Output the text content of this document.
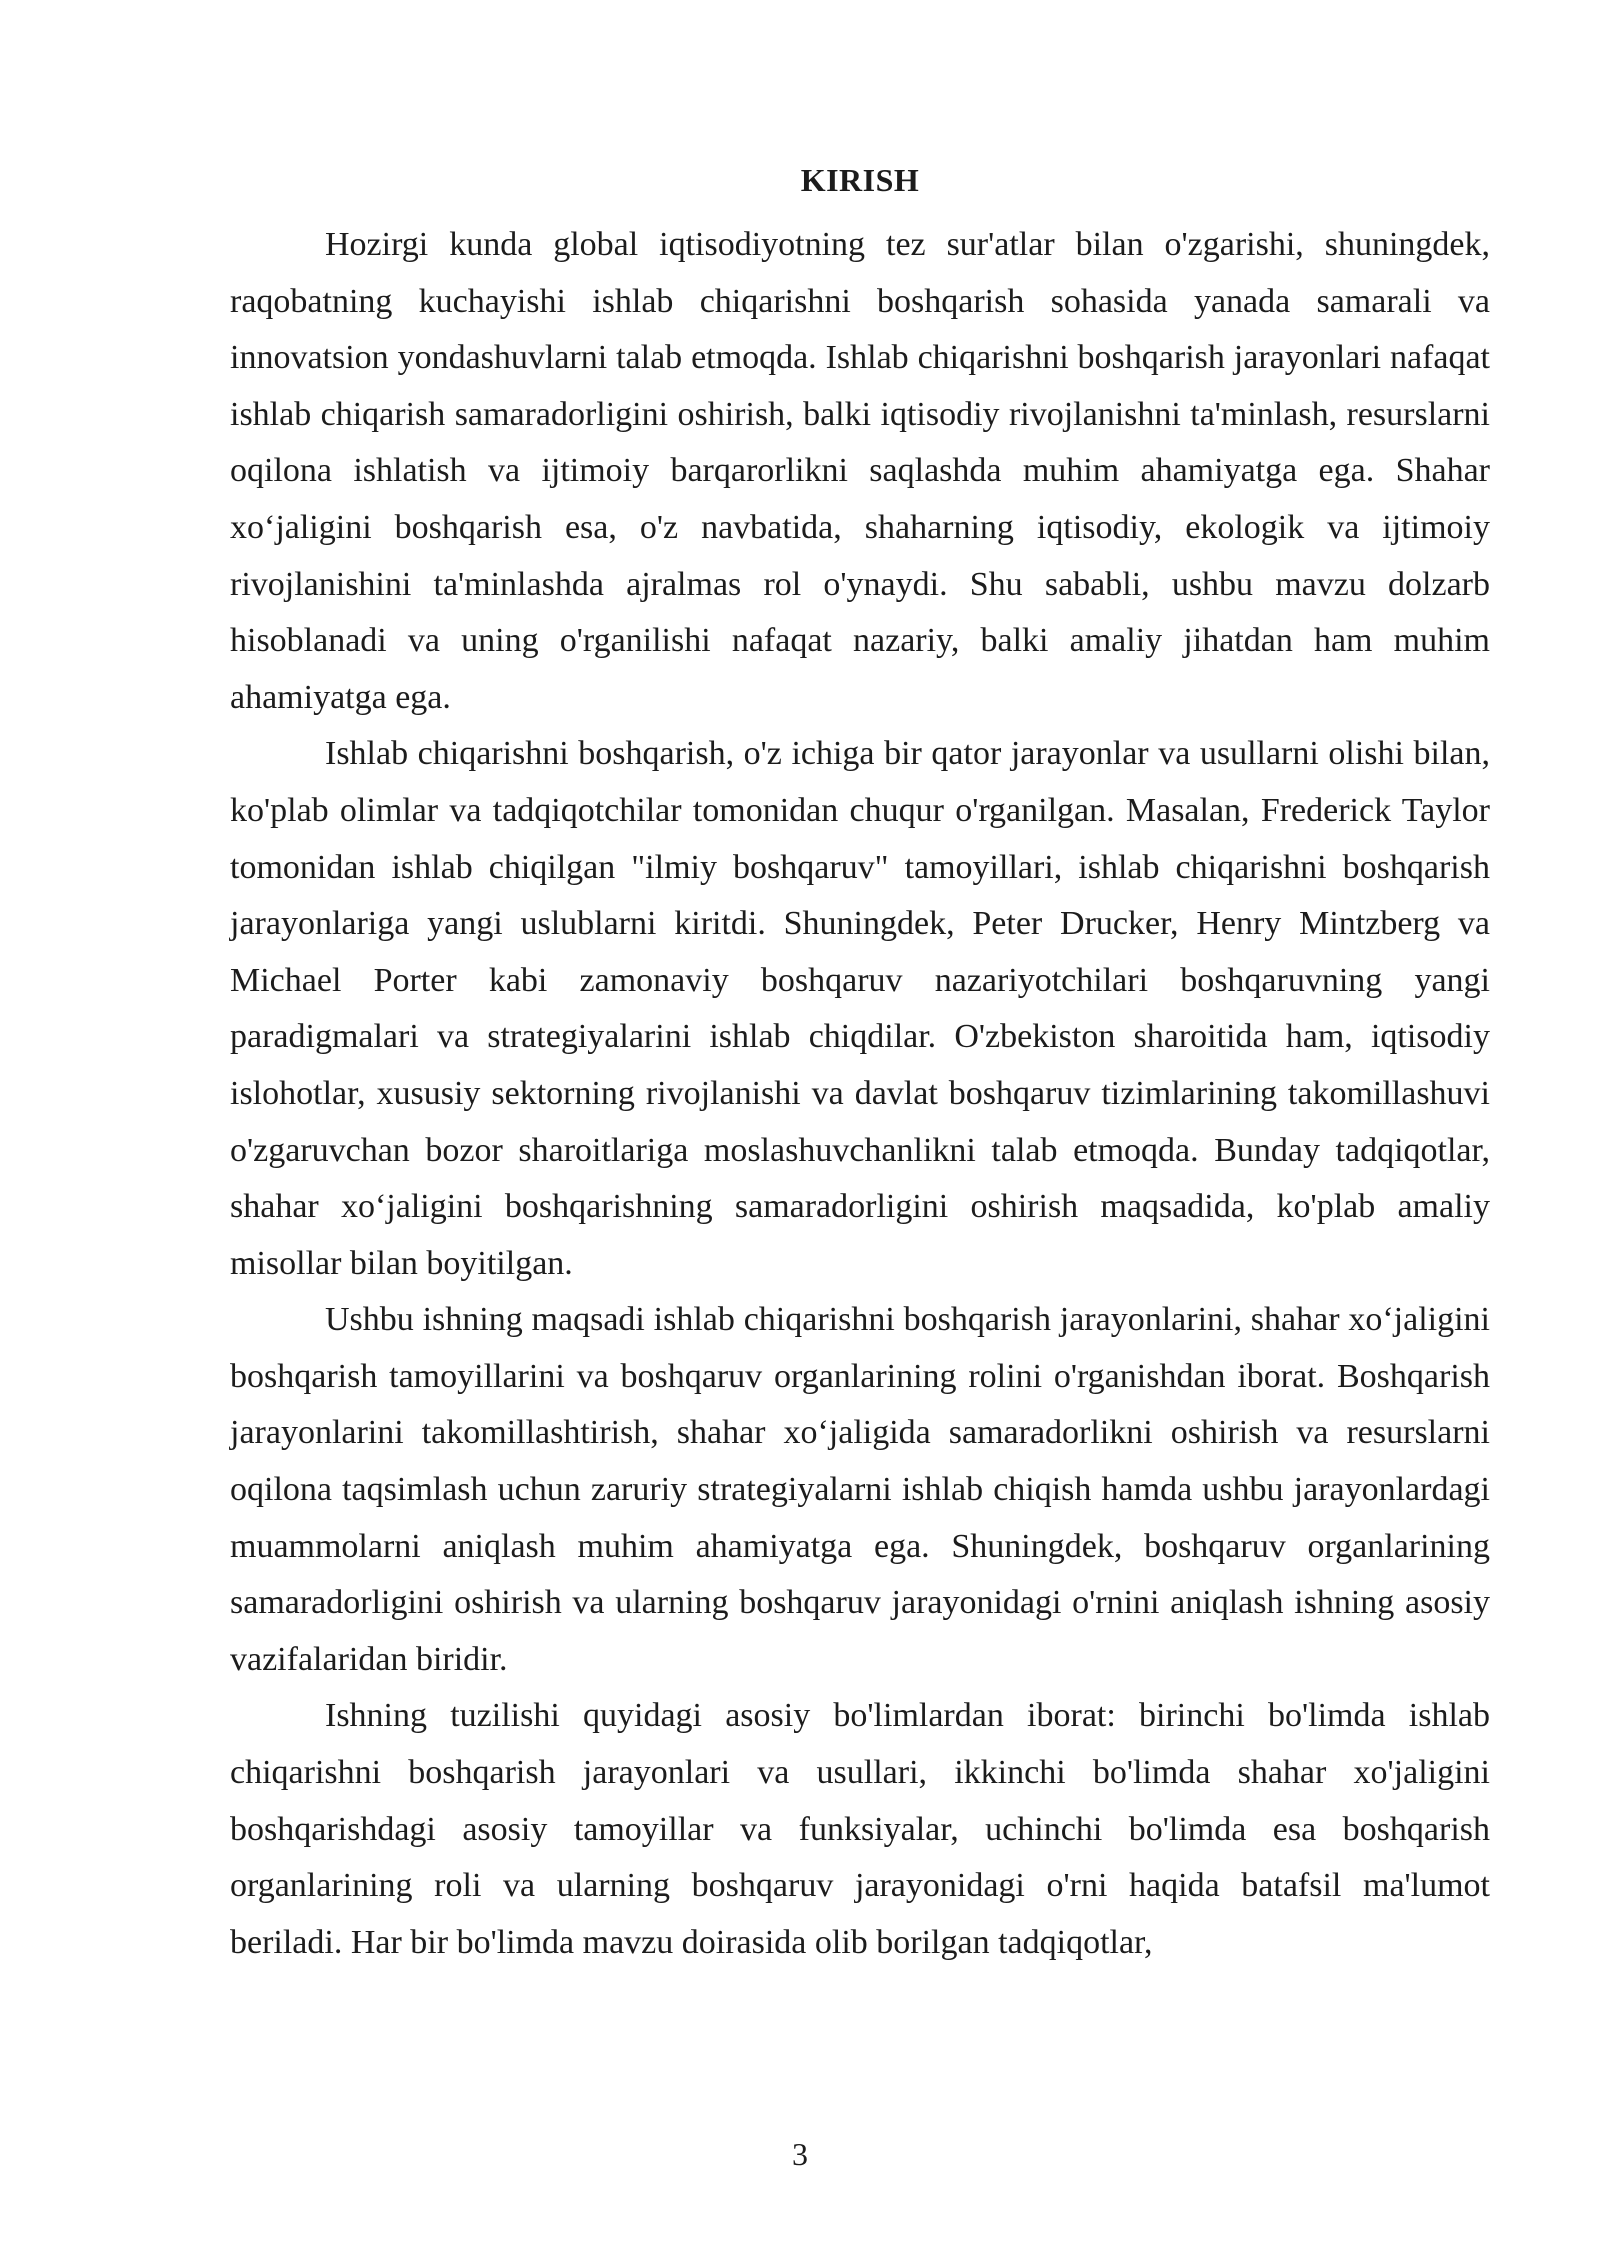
KIRISH

Hozirgi kunda global iqtisodiyotning tez sur'atlar bilan o'zgarishi, shuningdek, raqobatning kuchayishi ishlab chiqarishni boshqarish sohasida yanada samarali va innovatsion yondashuvlarni talab etmoqda. Ishlab chiqarishni boshqarish jarayonlari nafaqat ishlab chiqarish samaradorligini oshirish, balki iqtisodiy rivojlanishni ta'minlash, resurslarni oqilona ishlatish va ijtimoiy barqarorlikni saqlashda muhim ahamiyatga ega. Shahar xo‘jaligini boshqarish esa, o'z navbatida, shaharning iqtisodiy, ekologik va ijtimoiy rivojlanishini ta'minlashda ajralmas rol o'ynaydi. Shu sababli, ushbu mavzu dolzarb hisoblanadi va uning o'rganilishi nafaqat nazariy, balki amaliy jihatdan ham muhim ahamiyatga ega.

Ishlab chiqarishni boshqarish, o'z ichiga bir qator jarayonlar va usullarni olishi bilan, ko'plab olimlar va tadqiqotchilar tomonidan chuqur o'rganilgan. Masalan, Frederick Taylor tomonidan ishlab chiqilgan "ilmiy boshqaruv" tamoyillari, ishlab chiqarishni boshqarish jarayonlariga yangi uslublarni kiritdi. Shuningdek, Peter Drucker, Henry Mintzberg va Michael Porter kabi zamonaviy boshqaruv nazariyotchilari boshqaruvning yangi paradigmalari va strategiyalarini ishlab chiqdilar. O'zbekiston sharoitida ham, iqtisodiy islohotlar, xususiy sektorning rivojlanishi va davlat boshqaruv tizimlarining takomillashuvi o'zgaruvchan bozor sharoitlariga moslashuvchanlikni talab etmoqda. Bunday tadqiqotlar, shahar xo‘jaligini boshqarishning samaradorligini oshirish maqsadida, ko'plab amaliy misollar bilan boyitilgan.

Ushbu ishning maqsadi ishlab chiqarishni boshqarish jarayonlarini, shahar xo‘jaligini boshqarish tamoyillarini va boshqaruv organlarining rolini o'rganishdan iborat. Boshqarish jarayonlarini takomillashtirish, shahar xo‘jaligida samaradorlikni oshirish va resurslarni oqilona taqsimlash uchun zaruriy strategiyalarni ishlab chiqish hamda ushbu jarayonlardagi muammolarni aniqlash muhim ahamiyatga ega. Shuningdek, boshqaruv organlarining samaradorligini oshirish va ularning boshqaruv jarayonidagi o'rnini aniqlash ishning asosiy vazifalaridan biridir.

Ishning tuzilishi quyidagi asosiy bo'limlardan iborat: birinchi bo'limda ishlab chiqarishni boshqarish jarayonlari va usullari, ikkinchi bo'limda shahar xo'jaligini boshqarishdagi asosiy tamoyillar va funksiyalar, uchinchi bo'limda esa boshqarish organlarining roli va ularning boshqaruv jarayonidagi o'rni haqida batafsil ma'lumot beriladi. Har bir bo'limda mavzu doirasida olib borilgan tadqiqotlar,

3
